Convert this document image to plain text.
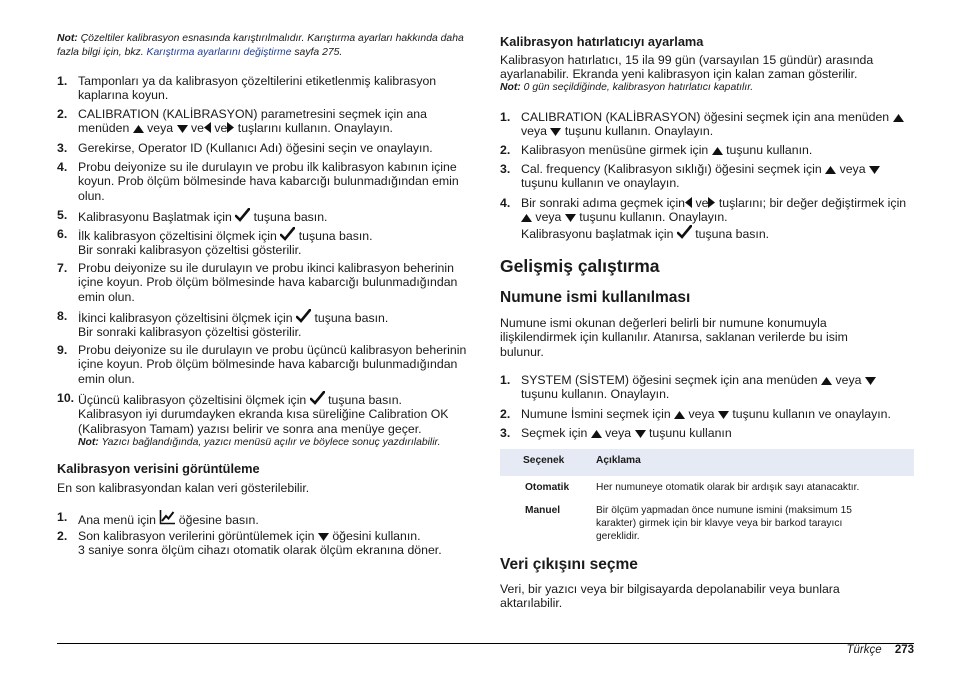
Not: Çözeltiler kalibrasyon esnasında karıştırılmalıdır. Karıştırma ayarları hakkında daha fazla bilgi için, bkz. Karıştırma ayarlarını değiştirme sayfa 275.
1. Tamponları ya da kalibrasyon çözeltilerini etiketlenmiş kalibrasyon kaplarına koyun.
2. CALIBRATION (KALİBRASYON) parametresini seçmek için ana menüden veya ve ve tuşlarını kullanın. Onaylayın.
3. Gerekirse, Operator ID (Kullanıcı Adı) öğesini seçin ve onaylayın.
4. Probu deiyonize su ile durulayın ve probu ilk kalibrasyon kabının içine koyun. Prob ölçüm bölmesinde hava kabarcığı bulunmadığından emin olun.
5. Kalibrasyonu Başlatmak için tuşuna basın.
6. İlk kalibrasyon çözeltisini ölçmek için tuşuna basın.
Bir sonraki kalibrasyon çözeltisi gösterilir.
7. Probu deiyonize su ile durulayın ve probu ikinci kalibrasyon beherinin içine koyun. Prob ölçüm bölmesinde hava kabarcığı bulunmadığından emin olun.
8. İkinci kalibrasyon çözeltisini ölçmek için tuşuna basın.
Bir sonraki kalibrasyon çözeltisi gösterilir.
9. Probu deiyonize su ile durulayın ve probu üçüncü kalibrasyon beherinin içine koyun. Prob ölçüm bölmesinde hava kabarcığı bulunmadığından emin olun.
10. Üçüncü kalibrasyon çözeltisini ölçmek için tuşuna basın.
Kalibrasyon iyi durumdayken ekranda kısa süreliğine Calibration OK (Kalibrasyon Tamam) yazısı belirir ve sonra ana menüye geçer.
Not: Yazıcı bağlandığında, yazıcı menüsü açılır ve böylece sonuç yazdırılabilir.
Kalibrasyon verisini görüntüleme
En son kalibrasyondan kalan veri gösterilebilir.
1. Ana menü için öğesine basın.
2. Son kalibrasyon verilerini görüntülemek için öğesini kullanın.
3 saniye sonra ölçüm cihazı otomatik olarak ölçüm ekranına döner.
Kalibrasyon hatırlatıcıyı ayarlama
Kalibrasyon hatırlatıcı, 15 ila 99 gün (varsayılan 15 gündür) arasında ayarlanabilir. Ekranda yeni kalibrasyon için kalan zaman gösterilir.
Not: 0 gün seçildiğinde, kalibrasyon hatırlatıcı kapatılır.
1. CALIBRATION (KALİBRASYON) öğesini seçmek için ana menüden
veya tuşunu kullanın. Onaylayın.
2. Kalibrasyon menüsüne girmek için tuşunu kullanın.
3. Cal. frequency (Kalibrasyon sıklığı) öğesini seçmek için veya
tuşunu kullanın ve onaylayın.
4. Bir sonraki adıma geçmek için ve tuşlarını; bir değer değiştirmek için
veya tuşunu kullanın. Onaylayın.
Kalibrasyonu başlatmak için tuşuna basın.
Gelişmiş çalıştırma
Numune ismi kullanılması
Numune ismi okunan değerleri belirli bir numune konumuyla ilişkilendirmek için kullanılır. Atanırsa, saklanan verilerde bu isim bulunur.
1. SYSTEM (SİSTEM) öğesini seçmek için ana menüden veya
tuşunu kullanın. Onaylayın.
2. Numune İsmini seçmek için veya tuşunu kullanın ve onaylayın.
3. Seçmek için veya tuşunu kullanın
Seçenek	Açıklama
Otomatik	Her numuneye otomatik olarak bir ardışık sayı atanacaktır.
Manuel	Bir ölçüm yapmadan önce numune ismini (maksimum 15 karakter) girmek için bir klavye veya bir barkod tarayıcı gereklidir.
Veri çıkışını seçme
Veri, bir yazıcı veya bir bilgisayarda depolanabilir veya bunlara aktarılabilir.
Türkçe 273
